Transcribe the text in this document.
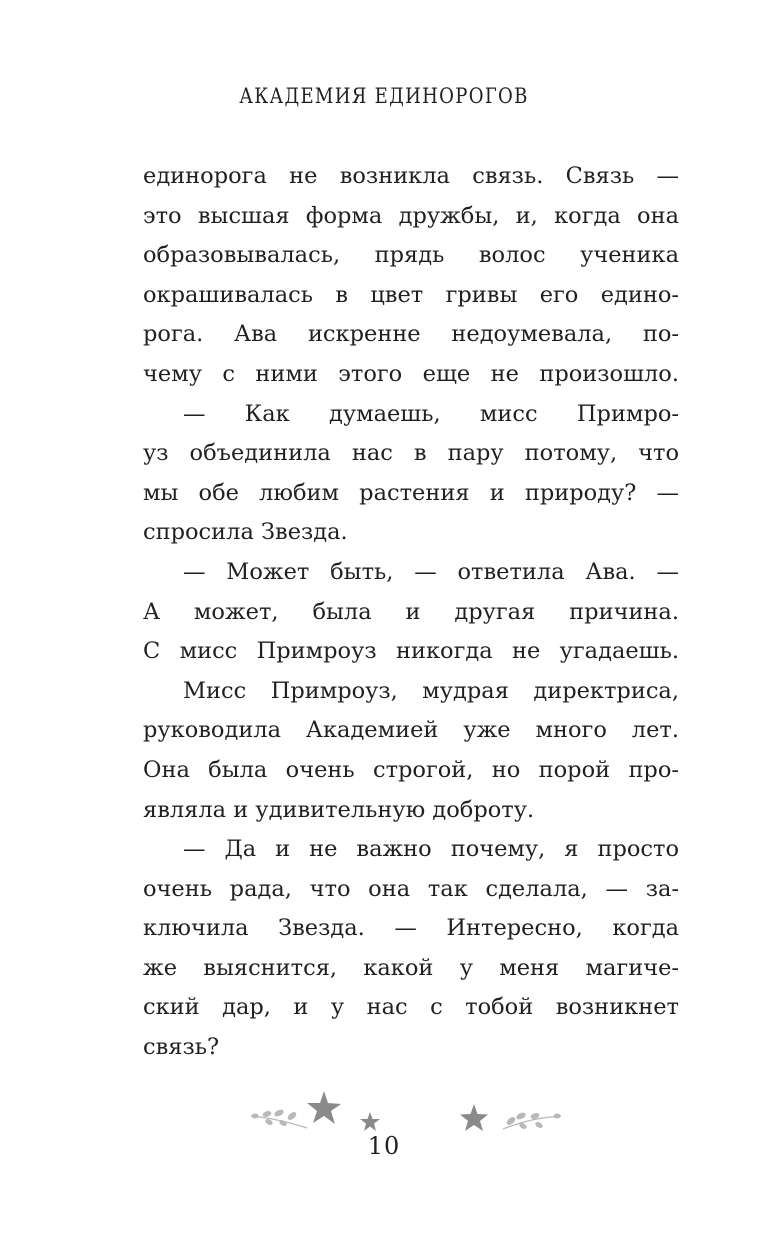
АКАДЕМИЯ ЕДИНОРОГОВ
единорога не возникла связь. Связь —
это высшая форма дружбы, и, когда она
образовывалась, прядь волос ученика
окрашивалась в цвет гривы его едино-
рога. Ава искренне недоумевала, по-
чему с ними этого еще не произошло.
— Как думаешь, мисс Примро-
уз объединила нас в пару потому, что
мы обе любим растения и природу? —
спросила Звезда.
— Может быть, — ответила Ава. —
А может, была и другая причина.
С мисс Примроуз никогда не угадаешь.
Мисс Примроуз, мудрая директриса,
руководила Академией уже много лет.
Она была очень строгой, но порой про-
являла и удивительную доброту.
— Да и не важно почему, я просто
очень рада, что она так сделала, — за-
ключила Звезда. — Интересно, когда
же выяснится, какой у меня магиче-
ский дар, и у нас с тобой возникнет
связь?
10
